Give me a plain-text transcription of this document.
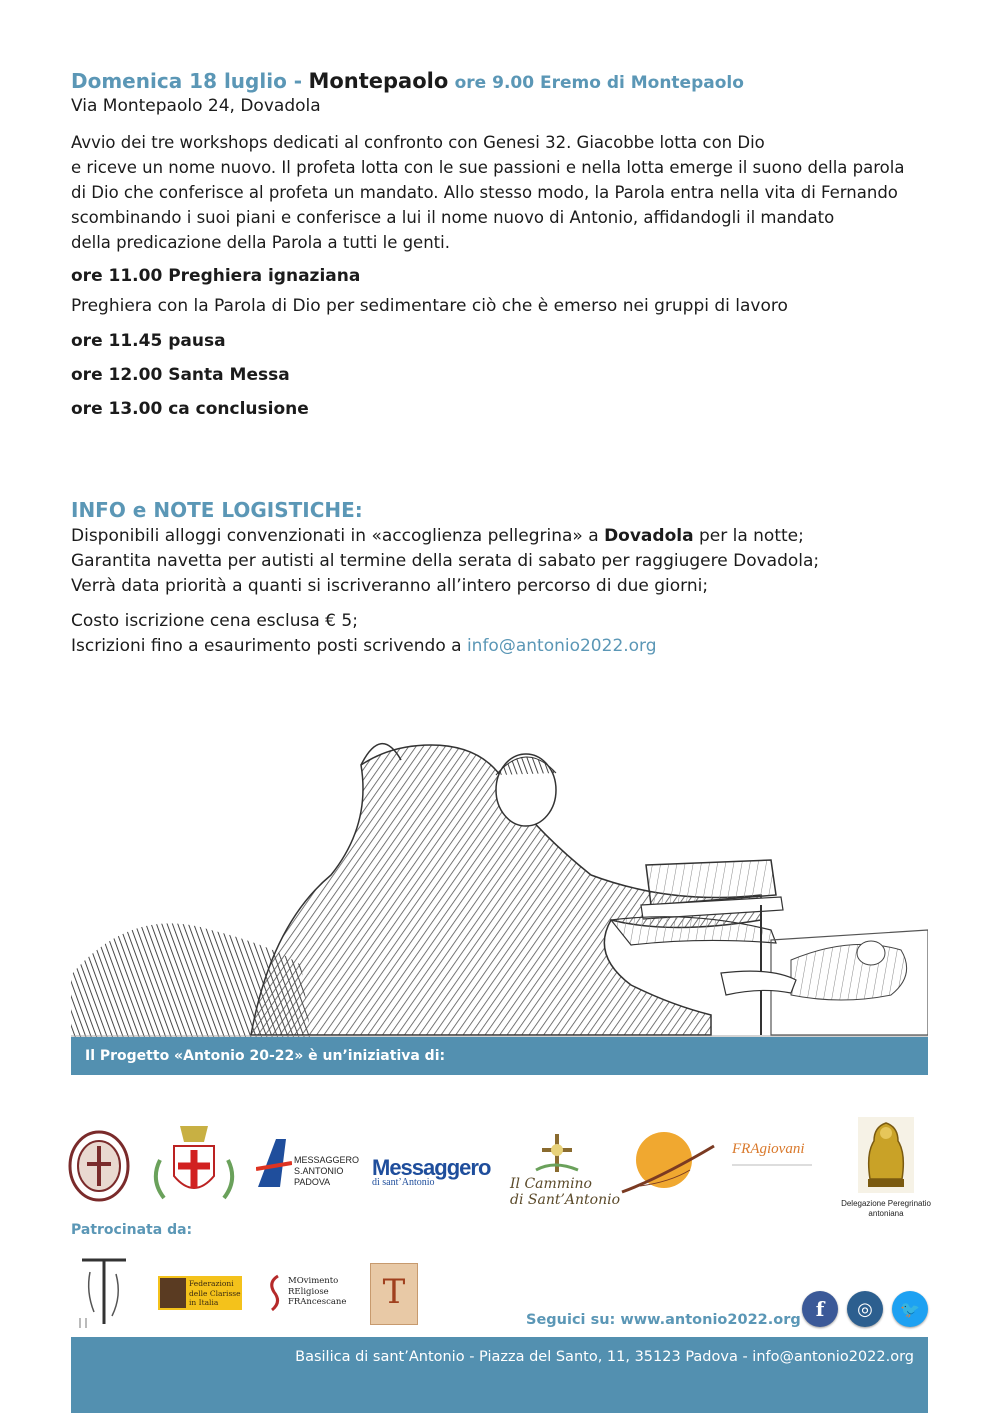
Domenica 18 luglio - Montepaolo ore 9.00 Eremo di Montepaolo
Via Montepaolo 24, Dovadola
Avvio dei tre workshops dedicati al confronto con Genesi 32. Giacobbe lotta con Dio
e riceve un nome nuovo. Il profeta lotta con le sue passioni e nella lotta emerge il suono della parola
di Dio che conferisce al profeta un mandato. Allo stesso modo, la Parola entra nella vita di Fernando
scombinando i suoi piani e conferisce a lui il nome nuovo di Antonio, affidandogli il mandato
della predicazione della Parola a tutti le genti.
ore 11.00 Preghiera ignaziana
Preghiera con la Parola di Dio per sedimentare ciò che è emerso nei gruppi di lavoro
ore 11.45 pausa
ore 12.00 Santa Messa
ore 13.00 ca conclusione
INFO e NOTE LOGISTICHE:
Disponibili alloggi convenzionati in «accoglienza pellegrina» a Dovadola per la notte;
Garantita navetta per autisti al termine della serata di sabato per raggiugere Dovadola;
Verrà data priorità a quanti si iscriveranno all’intero percorso di due giorni;
Costo iscrizione cena esclusa € 5;
Iscrizioni fino a esaurimento posti scrivendo a info@antonio2022.org
Il Progetto «Antonio 20-22» è un’iniziativa di:
MESSAGGERO
S.ANTONIO
PADOVA
Messaggero
di sant’Antonio	Il Cammino
di Sant’Antonio
FRAgiovani
Delegazione Peregrinatio
antoniana
Patrocinata da:
Federazioni
delle Clarisse
in Italia
MOvimento
REligiose
FRAncescane	T
Seguici su: www.antonio2022.org f	◎	🐦
Basilica di sant’Antonio - Piazza del Santo, 11, 35123 Padova - info@antonio2022.org
